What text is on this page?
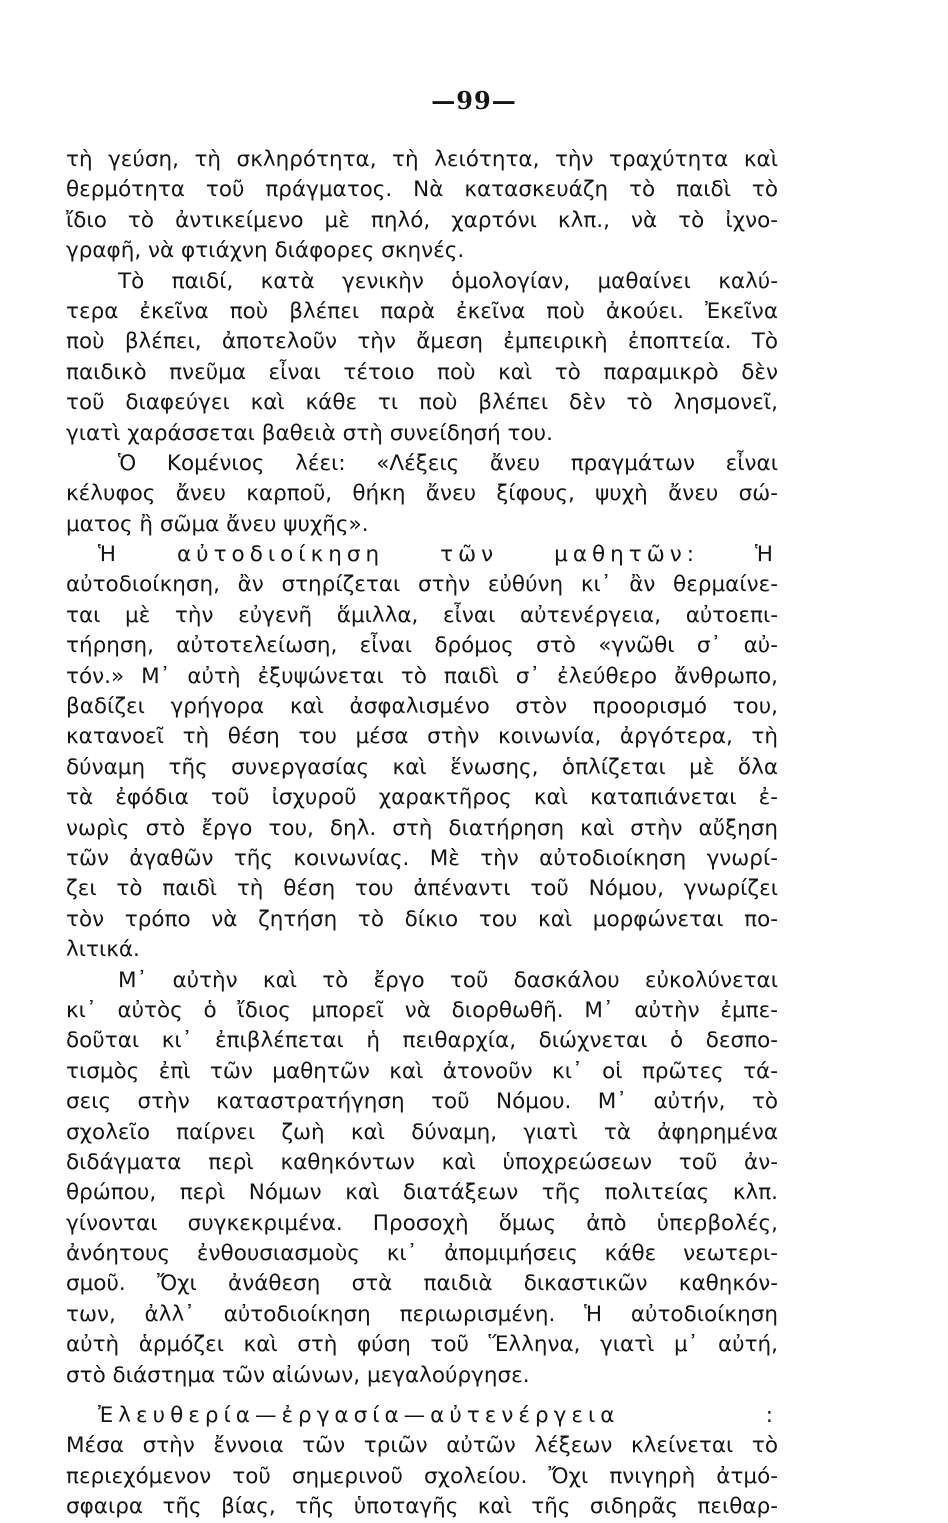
—99—
τὴ γεύση, τὴ σκληρότητα, τὴ λειότητα, τὴν τραχύτητα καὶ
θερμότητα τοῦ πράγματος. Νὰ κατασκευάζη τὸ παιδὶ τὸ
ἴδιο τὸ ἀντικείμενο μὲ πηλό, χαρτόνι κλπ., νὰ τὸ ἰχνο-
γραφῆ, νὰ φτιάχνη διάφορες σκηνές.
Τὸ παιδί, κατὰ γενικὴν ὁμολογίαν, μαθαίνει καλύ-
τερα ἐκεῖνα ποὺ βλέπει παρὰ ἐκεῖνα ποὺ ἀκούει. Ἐκεῖνα
ποὺ βλέπει, ἀποτελοῦν τὴν ἄμεση ἐμπειρικὴ ἐποπτεία. Τὸ
παιδικὸ πνεῦμα εἶναι τέτοιο ποὺ καὶ τὸ παραμικρὸ δὲν
τοῦ διαφεύγει καὶ κάθε τι ποὺ βλέπει δὲν τὸ λησμονεῖ,
γιατὶ χαράσσεται βαθειὰ στὴ συνείδησή του.
Ὁ Κομένιος λέει: «Λέξεις ἄνευ πραγμάτων εἶναι
κέλυφος ἄνευ καρποῦ, θήκη ἄνευ ξίφους, ψυχὴ ἄνευ σώ-
ματος ἢ σῶμα ἄνευ ψυχῆς».
Ἡ αὐτοδιοίκηση τῶν μαθητῶν: Ἡ
αὐτοδιοίκηση, ἂν στηρίζεται στὴν εὐθύνη κι᾽ ἂν θερμαίνε-
ται μὲ τὴν εὐγενῆ ἅμιλλα, εἶναι αὐτενέργεια, αὐτοεπι-
τήρηση, αὐτοτελείωση, εἶναι δρόμος στὸ «γνῶθι σ᾽ αὐ-
τόν.» Μ᾽ αὐτὴ ἐξυψώνεται τὸ παιδὶ σ᾽ ἐλεύθερο ἄνθρωπο,
βαδίζει γρήγορα καὶ ἀσφαλισμένο στὸν προορισμό του,
κατανοεῖ τὴ θέση του μέσα στὴν κοινωνία, ἀργότερα, τὴ
δύναμη τῆς συνεργασίας καὶ ἕνωσης, ὁπλίζεται μὲ ὅλα
τὰ ἐφόδια τοῦ ἰσχυροῦ χαρακτῆρος καὶ καταπιάνεται ἐ-
νωρὶς στὸ ἔργο του, δηλ. στὴ διατήρηση καὶ στὴν αὔξηση
τῶν ἀγαθῶν τῆς κοινωνίας. Μὲ τὴν αὐτοδιοίκηση γνωρί-
ζει τὸ παιδὶ τὴ θέση του ἀπέναντι τοῦ Νόμου, γνωρίζει
τὸν τρόπο νὰ ζητήση τὸ δίκιο του καὶ μορφώνεται πο-
λιτικά.
Μ᾽ αὐτὴν καὶ τὸ ἔργο τοῦ δασκάλου εὐκολύνεται
κι᾽ αὐτὸς ὁ ἴδιος μπορεῖ νὰ διορθωθῆ. Μ᾽ αὐτὴν ἐμπε-
δοῦται κι᾽ ἐπιβλέπεται ἡ πειθαρχία, διώχνεται ὁ δεσπο-
τισμὸς ἐπὶ τῶν μαθητῶν καὶ ἀτονοῦν κι᾽ οἱ πρῶτες τά-
σεις στὴν καταστρατήγηση τοῦ Νόμου. Μ᾽ αὐτήν, τὸ
σχολεῖο παίρνει ζωὴ καὶ δύναμη, γιατὶ τὰ ἀφηρημένα
διδάγματα περὶ καθηκόντων καὶ ὑποχρεώσεων τοῦ ἀν-
θρώπου, περὶ Νόμων καὶ διατάξεων τῆς πολιτείας κλπ.
γίνονται συγκεκριμένα. Προσοχὴ ὅμως ἀπὸ ὑπερβολές,
ἀνόητους ἐνθουσιασμοὺς κι᾽ ἀπομιμήσεις κάθε νεωτερι-
σμοῦ. Ὄχι ἀνάθεση στὰ παιδιὰ δικαστικῶν καθηκόν-
των, ἀλλ᾽ αὐτοδιοίκηση περιωρισμένη. Ἡ αὐτοδιοίκηση
αὐτὴ ἁρμόζει καὶ στὴ φύση τοῦ Ἕλληνα, γιατὶ μ᾽ αὐτή,
στὸ διάστημα τῶν αἰώνων, μεγαλούργησε.
Ἐλευθερία—ἐργασία—αὐτενέργεια :
Μέσα στὴν ἔννοια τῶν τριῶν αὐτῶν λέξεων κλείνεται τὸ
περιεχόμενον τοῦ σημερινοῦ σχολείου. Ὄχι πνιγηρὴ ἀτμό-
σφαιρα τῆς βίας, τῆς ὑποταγῆς καὶ τῆς σιδηρᾶς πειθαρ-
